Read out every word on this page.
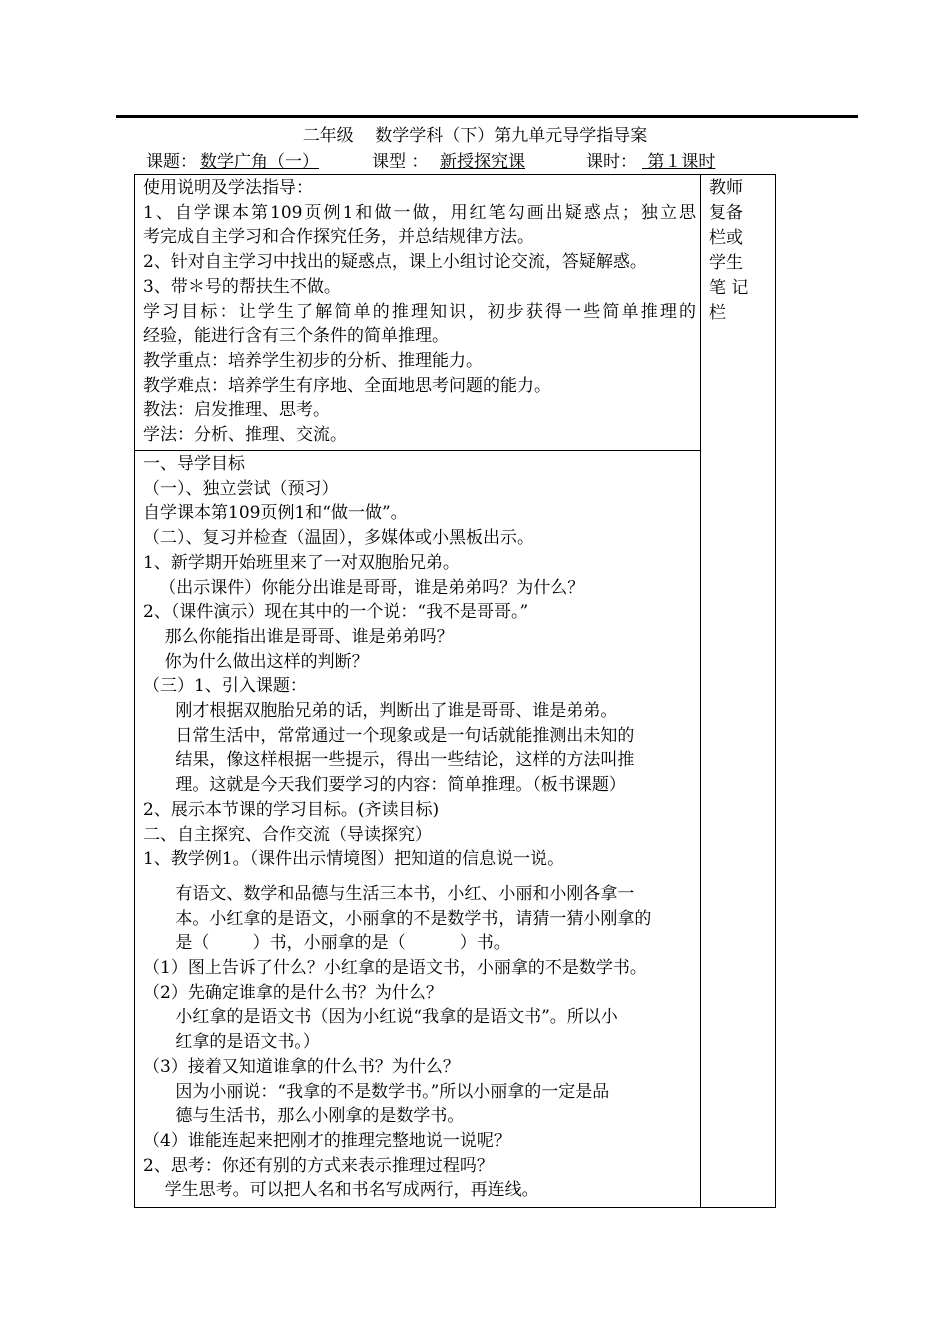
二年级    数学学科（下）第九单元导学指导案

课题：

数学广角（一）

	课型 ：

新授探究课

	课时：

第１课时

使用说明及学法指导：
1、自学课本第109页例1和做一做，用红笔勾画出疑惑点；独立思
考完成自主学习和合作探究任务，并总结规律方法。
2、针对自主学习中找出的疑惑点，课上小组讨论交流，答疑解惑。
3、带＊号的帮扶生不做。
学习目标：让学生了解简单的推理知识，初步获得一些简单推理的
经验，能进行含有三个条件的简单推理。
教学重点：培养学生初步的分析、推理能力。
教学难点：培养学生有序地、全面地思考问题的能力。
教法：启发推理、思考。
学法：分析、推理、交流。

教师
复备
栏或
学生
笔 记
栏

一、导学目标
（一）、独立尝试（预习）
自学课本第109页例1和“做一做”。
（二）、复习并检查（温固），多媒体或小黑板出示。
1、新学期开始班里来了一对双胞胎兄弟。
（出示课件）你能分出谁是哥哥，谁是弟弟吗？为什么？
2、（课件演示）现在其中的一个说：“我不是哥哥。”
那么你能指出谁是哥哥、谁是弟弟吗？
你为什么做出这样的判断？
（三）1、引入课题：
刚才根据双胞胎兄弟的话，判断出了谁是哥哥、谁是弟弟。
日常生活中，常常通过一个现象或是一句话就能推测出未知的
结果，像这样根据一些提示，得出一些结论，这样的方法叫推
理。这就是今天我们要学习的内容：简单推理。（板书课题）
2、展示本节课的学习目标。(齐读目标)
二、自主探究、合作交流（导读探究）
1、教学例1。（课件出示情境图）把知道的信息说一说。
有语文、数学和品德与生活三本书，小红、小丽和小刚各拿一
本。小红拿的是语文，小丽拿的不是数学书，请猜一猜小刚拿的
是（        ）书，小丽拿的是（          ）书。
（1）图上告诉了什么？小红拿的是语文书，小丽拿的不是数学书。
（2）先确定谁拿的是什么书？为什么？
小红拿的是语文书（因为小红说“我拿的是语文书”。所以小
红拿的是语文书。）
（3）接着又知道谁拿的什么书？为什么？
因为小丽说：“我拿的不是数学书。”所以小丽拿的一定是品
德与生活书，那么小刚拿的是数学书。
（4）谁能连起来把刚才的推理完整地说一说呢？
2、思考：你还有别的方式来表示推理过程吗？
学生思考。可以把人名和书名写成两行，再连线。
